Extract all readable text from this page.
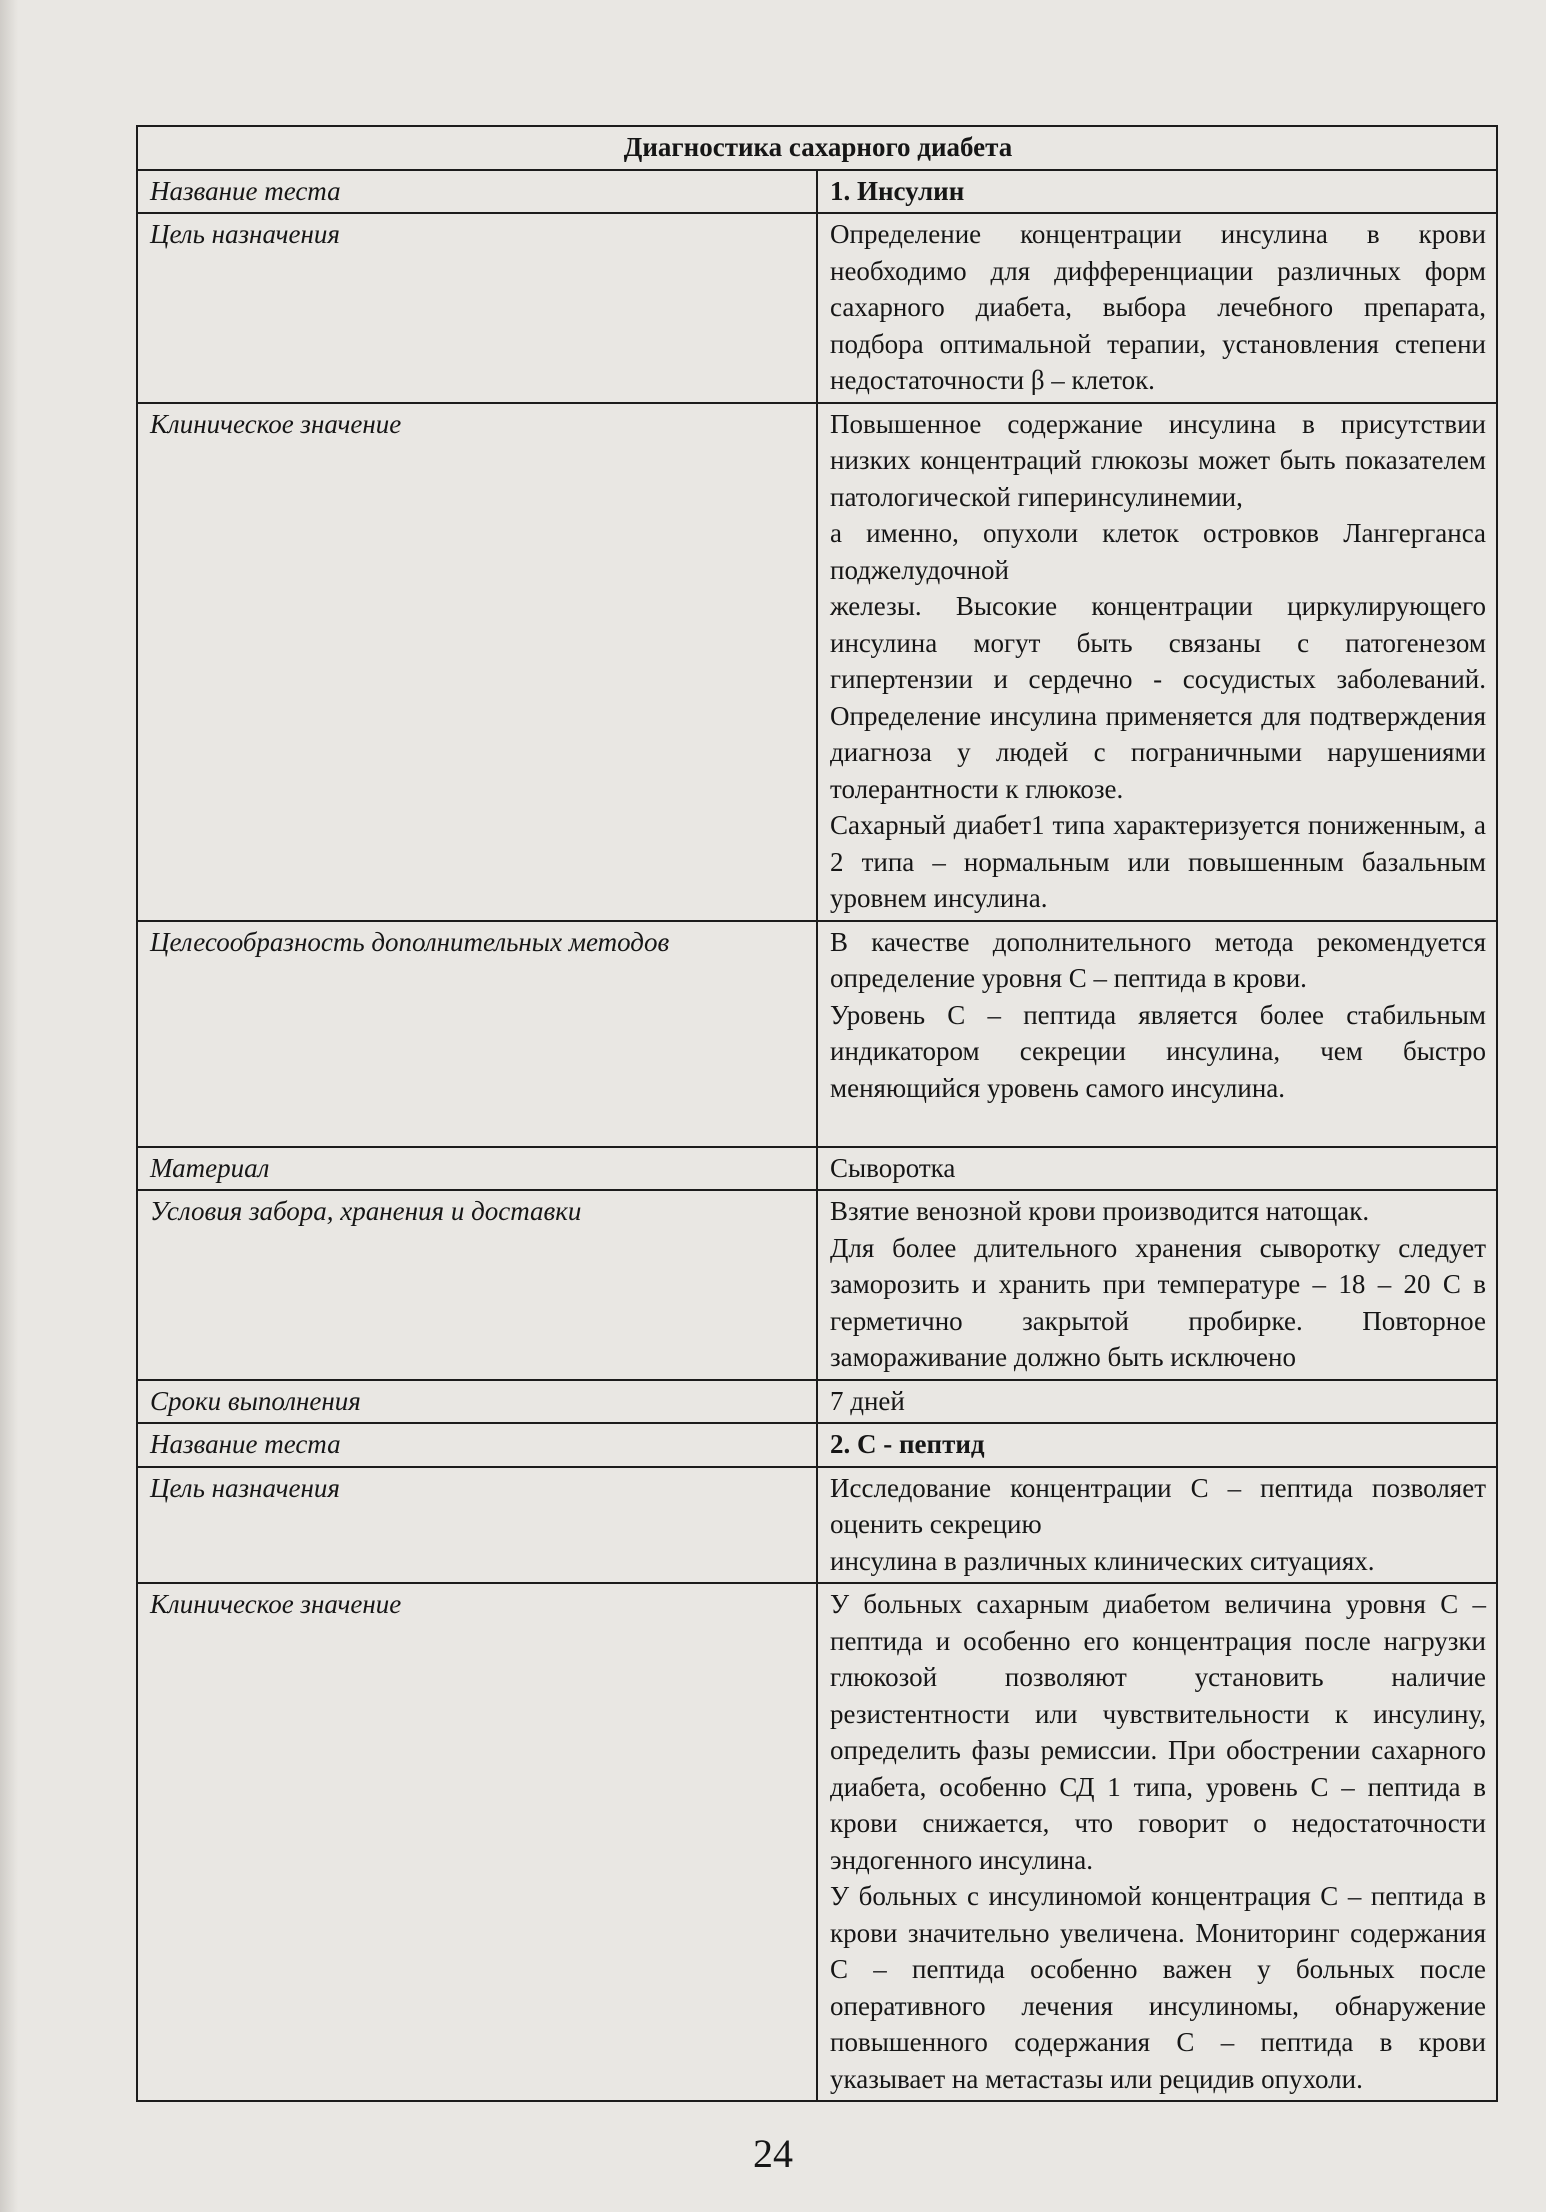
Диагностика сахарного диабета	
Название теста	1. Инсулин
Цель назначения	Определение концентрации инсулина в крови необходимо для дифференциации различных форм сахарного диабета, выбора лечебного препарата, подбора оптимальной терапии, установления степени недостаточности β – клеток.
Клиническое значение	Повышенное содержание инсулина в присутствии низких концентраций глюкозы может быть показателем патологической гиперинсулинемии,
а именно, опухоли клеток островков Лангерганса поджелудочной
железы. Высокие концентрации циркулирующего инсулина могут быть связаны с патогенезом гипертензии и сердечно - сосудистых заболеваний. Определение инсулина применяется для подтверждения диагноза у людей с пограничными нарушениями толерантности к глюкозе.
Сахарный диабет1 типа характеризуется пониженным, а 2 типа – нормальным или повышенным базальным уровнем инсулина.

Целесообразность дополнительных методов	В качестве дополнительного метода рекомендуется определение уровня С – пептида в крови.
Уровень С – пептида является более стабильным индикатором секреции инсулина, чем быстро меняющийся уровень самого инсулина.

Материал	Сыворотка
Условия забора, хранения и доставки	Взятие венозной крови производится натощак.
Для более длительного хранения сыворотку следует заморозить и хранить при температуре – 18 – 20 С в герметично закрытой пробирке. Повторное замораживание должно быть исключено

Сроки выполнения	7 дней
Название теста	2. С - пептид
Цель назначения	Исследование концентрации С – пептида позволяет оценить секрецию
инсулина в различных клинических ситуациях.

Клиническое значение	У больных сахарным диабетом величина уровня С – пептида и особенно его концентрация после нагрузки глюкозой позволяют установить наличие резистентности или чувствительности к инсулину, определить фазы ремиссии. При обострении сахарного диабета, особенно СД 1 типа, уровень С – пептида в крови снижается, что говорит о недостаточности эндогенного инсулина.
У больных с инсулиномой концентрация С – пептида в крови значительно увеличена. Мониторинг содержания С – пептида особенно важен у больных после оперативного лечения инсулиномы, обнаружение повышенного содержания С – пептида в крови указывает на метастазы или рецидив опухоли.
24
